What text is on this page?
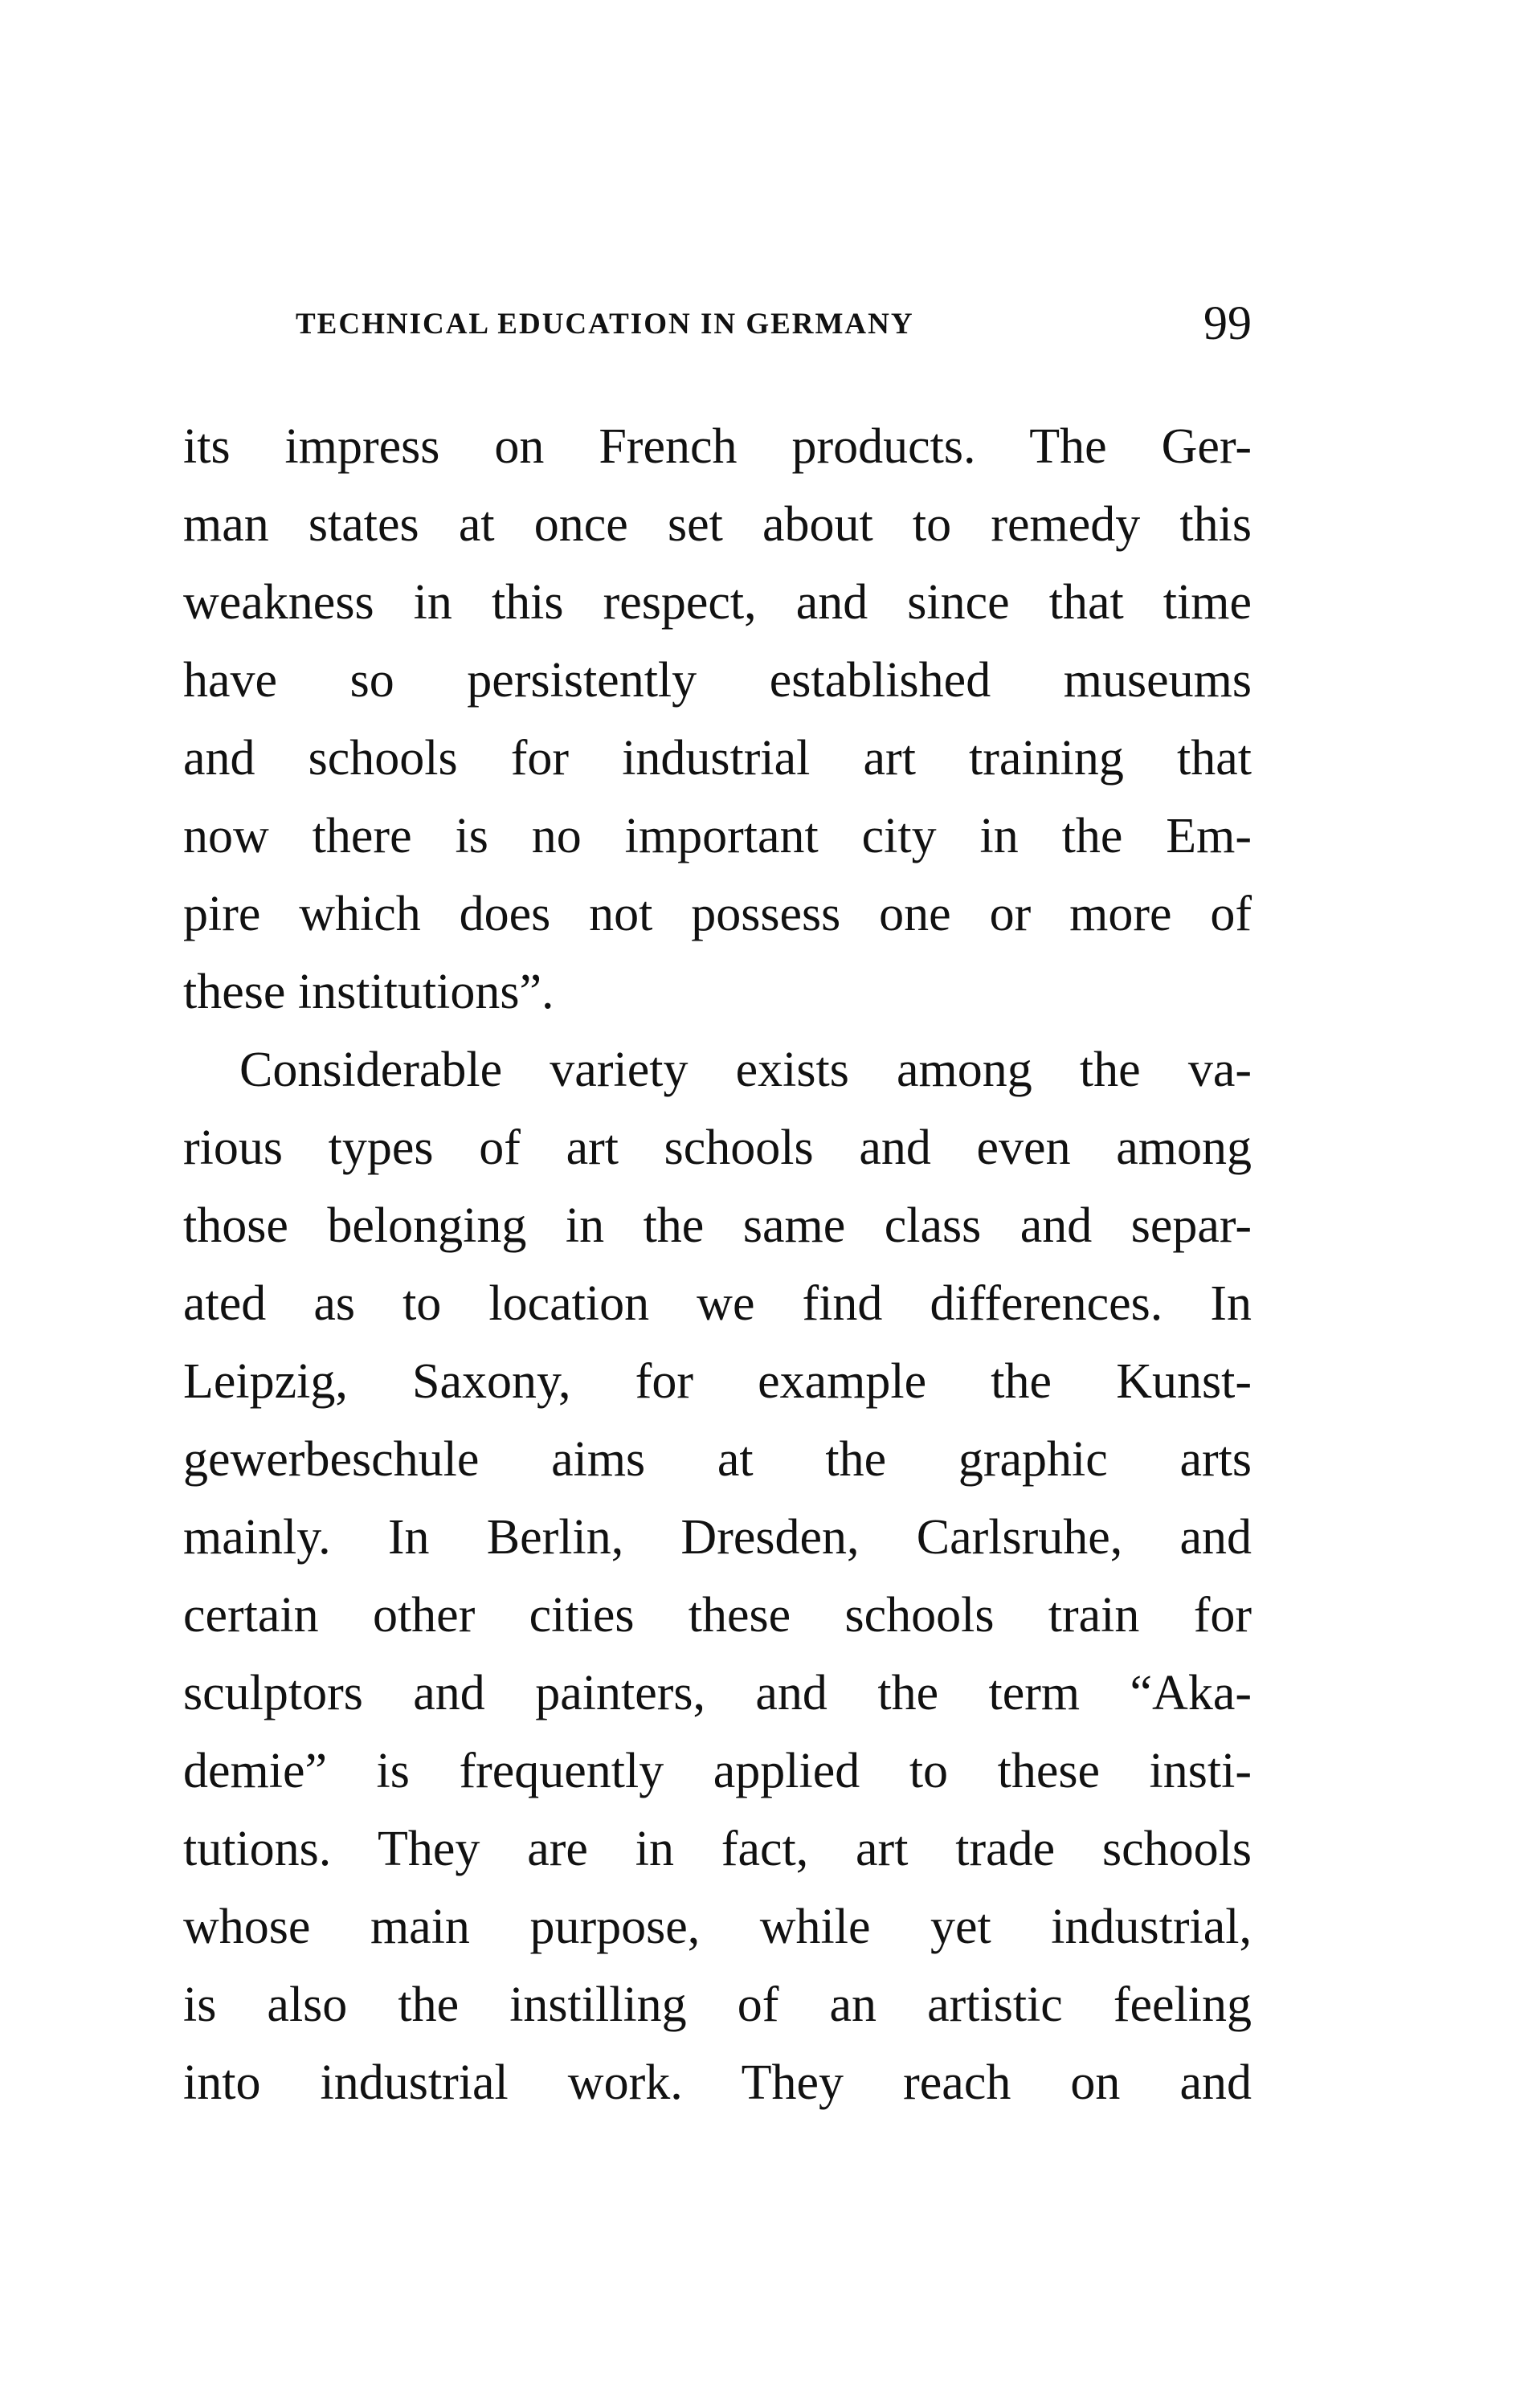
TECHNICAL EDUCATION IN GERMANY	99

its impress on French products. The Ger-
man states at once set about to remedy this
weakness in this respect, and since that time
have so persistently established museums
and schools for industrial art training that
now there is no important city in the Em-
pire which does not possess one or more of
these institutions”.

Considerable variety exists among the va-
rious types of art schools and even among
those belonging in the same class and separ-
ated as to location we find differences. In
Leipzig, Saxony, for example the Kunst-
gewerbeschule aims at the graphic arts
mainly. In Berlin, Dresden, Carlsruhe, and
certain other cities these schools train for
sculptors and painters, and the term “Aka-
demie” is frequently applied to these insti-
tutions. They are in fact, art trade schools
whose main purpose, while yet industrial,
is also the instilling of an artistic feeling
into industrial work. They reach on and
